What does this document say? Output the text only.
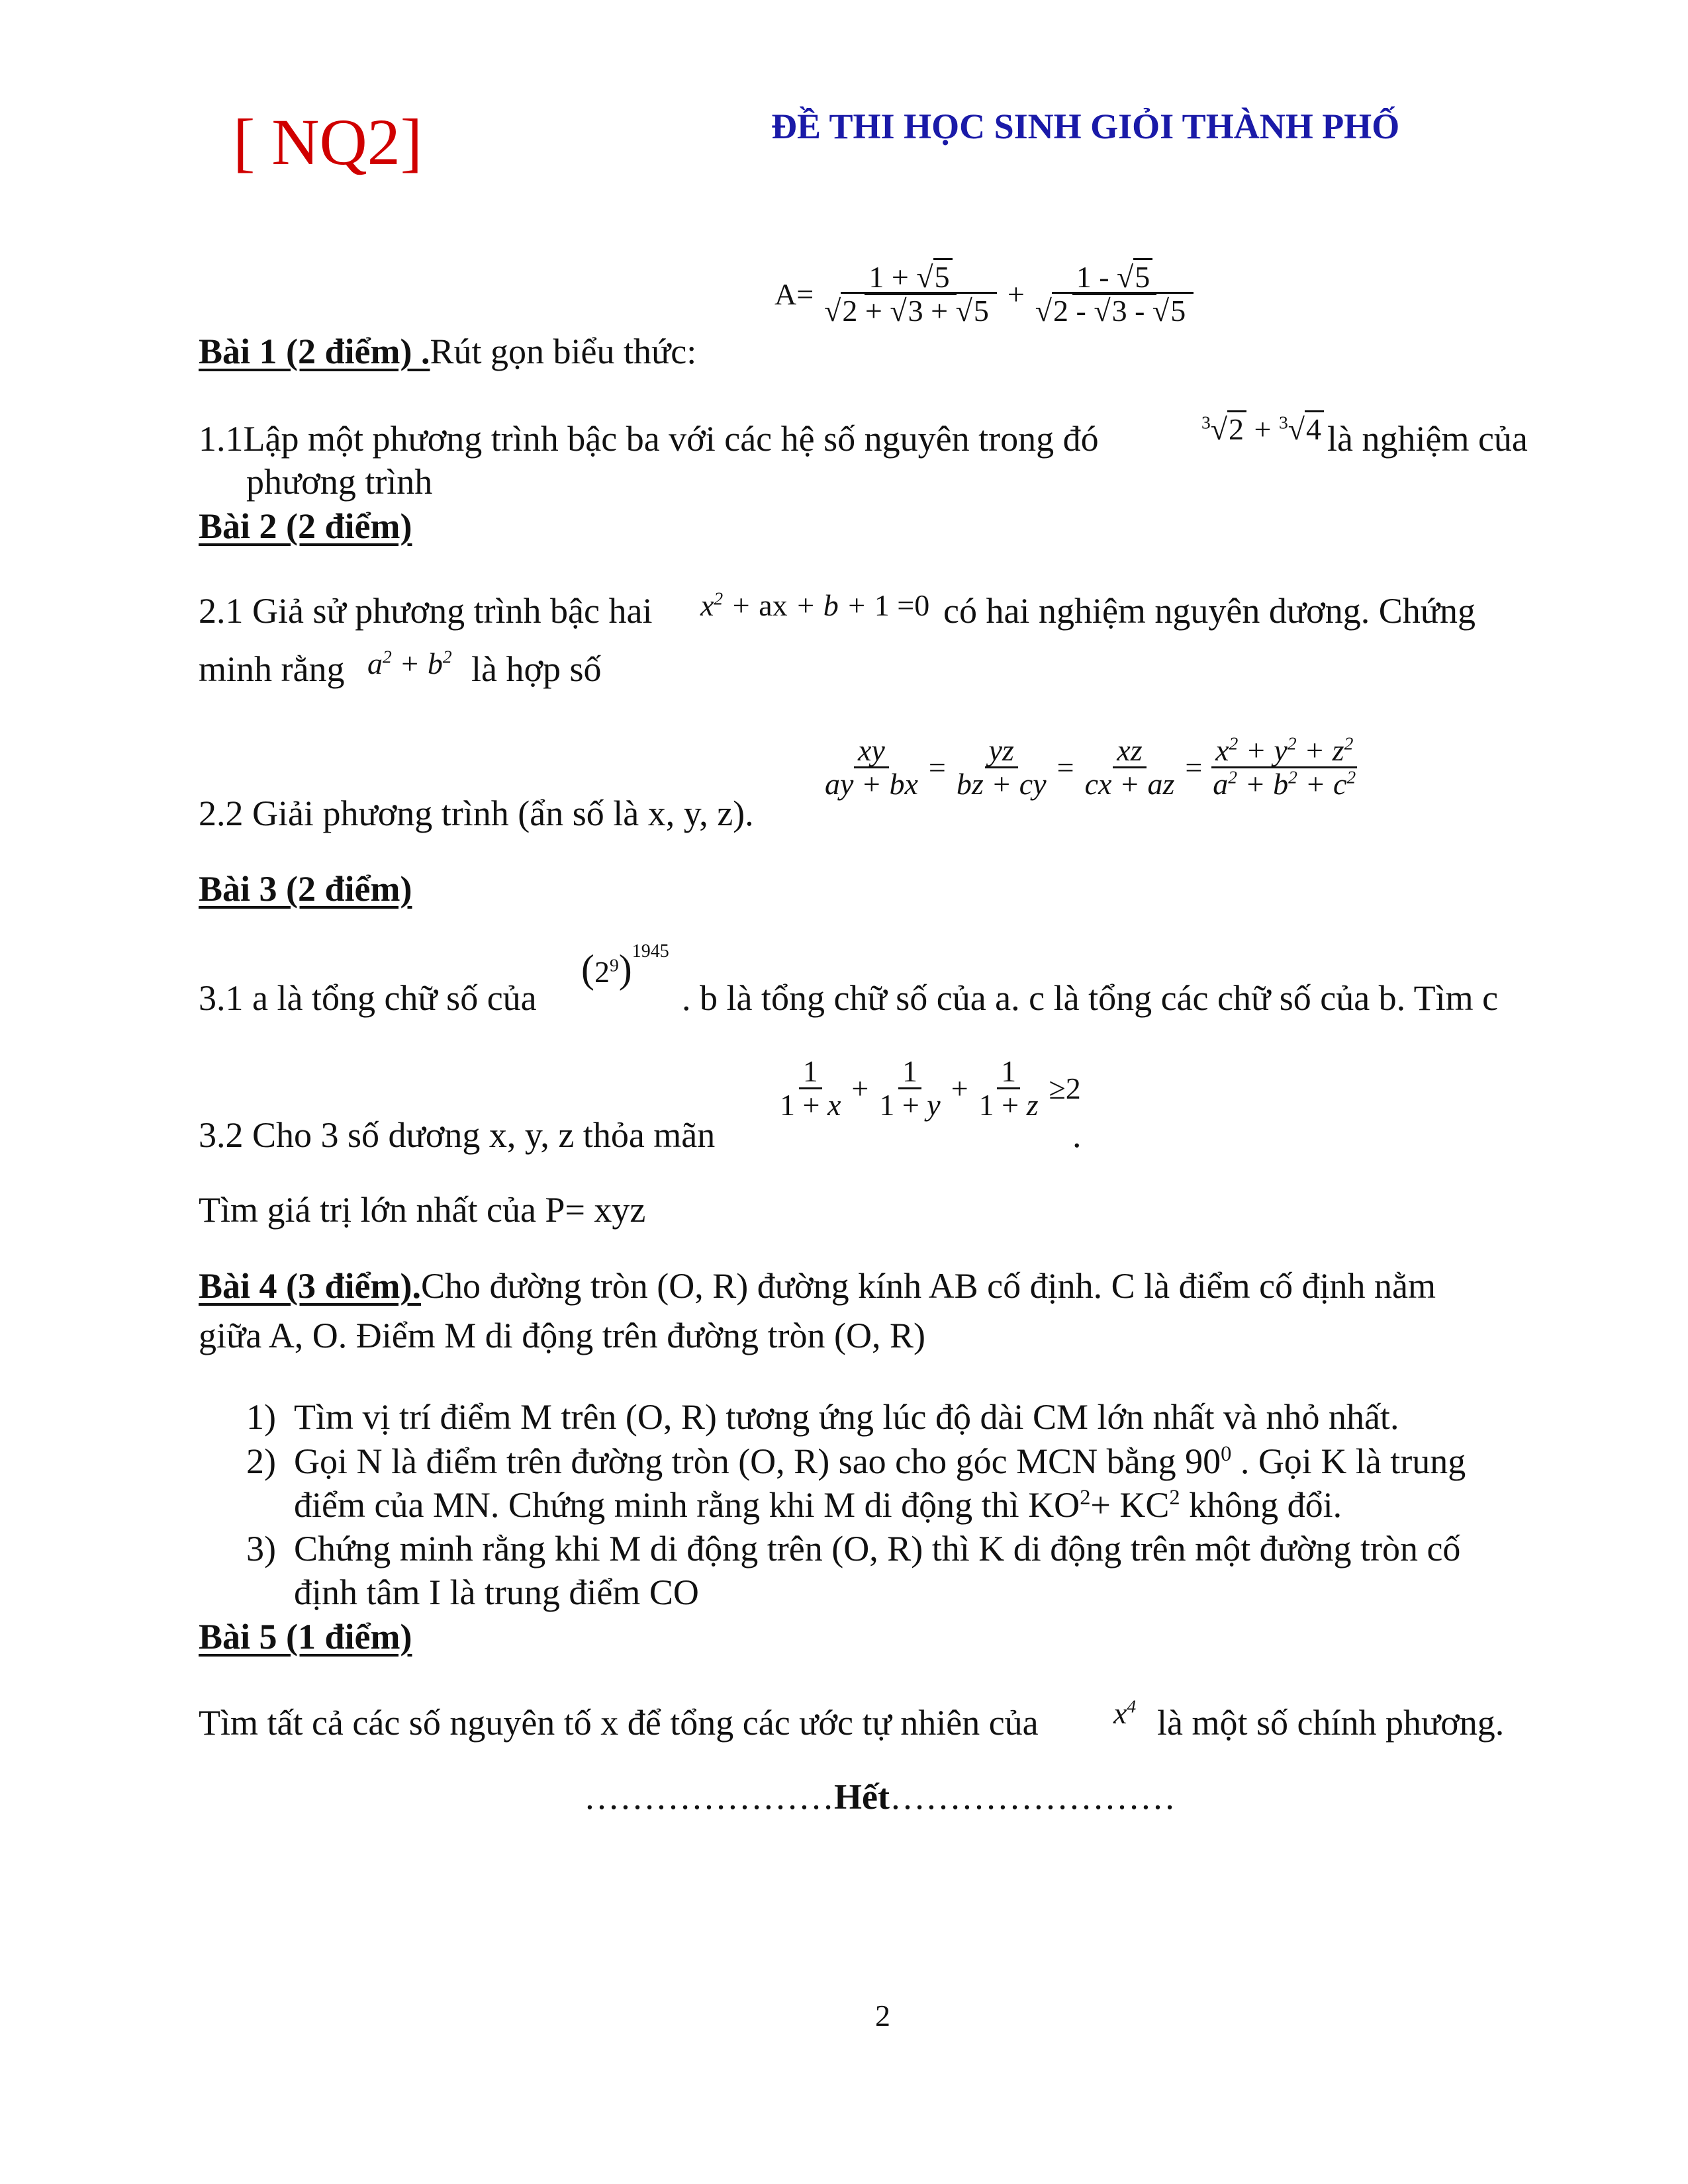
[ NQ2]	ĐỀ THI HỌC SINH GIỎI THÀNH PHỐ
Bài 1 (2 điểm) .Rút gọn biểu thức:
$A= \frac{1 + √5}{√2 + √3 + √5} + \frac{1 - √5}{√2 - √3 - √5}$
1.1Lập một phương trình bậc ba với các hệ số nguyên trong đó	$^3$√2 + $^3$√4 là nghiệm của
phương trình
Bài 2 (2 điểm)
2.1 Giả sử phương trình bậc hai $x^2$ + ax + b + 1 =0 có hai nghiệm nguyên dương. Chứng
minh rằng $a^2 + b^2$ là hợp số
$\frac{xy}{ay + bx} = \frac{yz}{bz + cy} = \frac{xz}{cx + az} = \frac{x^2 + y^2 + z^2}{a^2 + b^2 + c^2}$
2.2 Giải phương trình (ẩn số là x, y, z).
Bài 3 (2 điểm)
3.1 a là tổng chữ số của
$(2^9)^{1945}$
. b là tổng chữ số của a. c là tổng các chữ số của b. Tìm c
$\frac{1}{1 + x} + \frac{1}{1 + y} + \frac{1}{1 + z} \ge 2$
3.2 Cho 3 số dương x, y, z thỏa mãn	.
Tìm giá trị lớn nhất của P= xyz
Bài 4 (3 điểm).Cho đường tròn (O, R) đường kính AB cố định. C là điểm cố định nằm
giữa A, O. Điểm M di động trên đường tròn (O, R)
1) Tìm vị trí điểm M trên (O, R) tương ứng lúc độ dài CM lớn nhất và nhỏ nhất.
2) Gọi N là điểm trên đường tròn (O, R) sao cho góc MCN bằng $90^0$ . Gọi K là trung
điểm của MN. Chứng minh rằng khi M di động thì $KO^2+ KC^2$ không đổi.
3) Chứng minh rằng khi M di động trên (O, R) thì K di động trên một đường tròn cố
định tâm I là trung điểm CO
Bài 5 (1 điểm)
Tìm tất cả các số nguyên tố x để tổng các ước tự nhiên của $x^4$ là một số chính phương.
…………………Hết……………………
2
